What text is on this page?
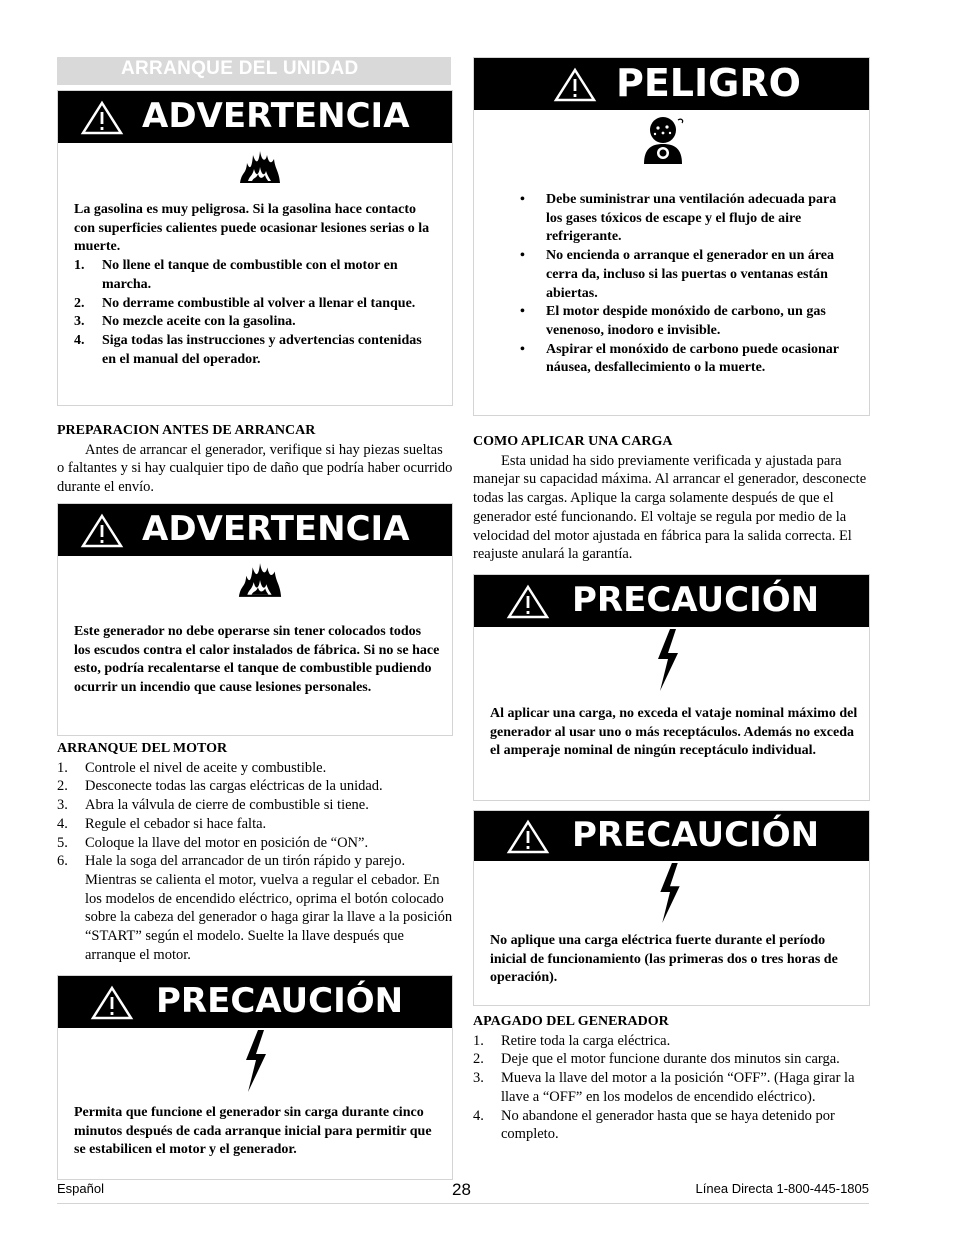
ARRANQUE DEL UNIDAD
ADVERTENCIA
La gasolina es muy peligrosa. Si la gasolina hace contacto con superficies calientes puede ocasionar lesiones serias o la muerte.
1. No llene el tanque de combustible con el motor en marcha.
2. No derrame combustible al volver a llenar el tanque.
3. No mezcle aceite con la gasolina.
4. Siga todas las instrucciones y advertencias contenidas en el manual del operador.
PREPARACION ANTES DE ARRANCAR

Antes de arrancar el generador, verifique si hay piezas sueltas o faltantes y si hay cualquier tipo de daño que podría haber ocurrido durante el envío.

ADVERTENCIA
Este generador no debe operarse sin tener colocados todos los escudos contra el calor instalados de fábrica. Si no se hace esto, podría recalentarse el tanque de combustible pudiendo ocurrir un incendio que cause lesiones personales.
ARRANQUE DEL MOTOR
1. Controle el nivel de aceite y combustible.
2. Desconecte todas las cargas eléctricas de la unidad.
3. Abra la válvula de cierre de combustible si tiene.
4. Regule el cebador si hace falta.
5. Coloque la llave del motor en posición de “ON”.
6. Hale la soga del arrancador de un tirón rápido y parejo. Mientras se calienta el motor, vuelva a regular el cebador. En los modelos de encendido eléctrico, oprima el botón colocado sobre la cabeza del generador o haga girar la llave a la posición “START” según el modelo. Suelte la llave después que arranque el motor.
PRECAUCIÓN
Permita que funcione el generador sin carga durante cinco minutos después de cada arranque inicial para permitir que se estabilicen el motor y el generador.
PELIGRO
• Debe suministrar una ventilación adecuada para los gases tóxicos de escape y el flujo de aire refrigerante.
• No encienda o arranque el generador en un área cerra da, incluso si las puertas o ventanas están abiertas.
• El motor despide monóxido de carbono, un gas venenoso, inodoro e invisible.
• Aspirar el monóxido de carbono puede ocasionar náusea, desfallecimiento o la muerte.
COMO APLICAR UNA CARGA

Esta unidad ha sido previamente verificada y ajustada para manejar su capacidad máxima. Al arrancar el generador, desconecte todas las cargas. Aplique la carga solamente después de que el generador esté funcionando. El voltaje se regula por medio de la velocidad del motor ajustada en fábrica para la salida correcta. El reajuste anulará la garantía.

PRECAUCIÓN
Al aplicar una carga, no exceda el vataje nominal máximo del generador al usar uno o más receptáculos. Además no exceda el amperaje nominal de ningún receptáculo individual.
PRECAUCIÓN
No aplique una carga eléctrica fuerte durante el período inicial de funcionamiento (las primeras dos o tres horas de operación).
APAGADO DEL GENERADOR
1. Retire toda la carga eléctrica.
2. Deje que el motor funcione durante dos minutos sin carga.
3. Mueva la llave del motor a la posición “OFF”. (Haga girar la llave a “OFF” en los modelos de encendido eléctrico).
4. No abandone el generador hasta que se haya detenido por completo.
Español	28	Línea Directa 1-800-445-1805
